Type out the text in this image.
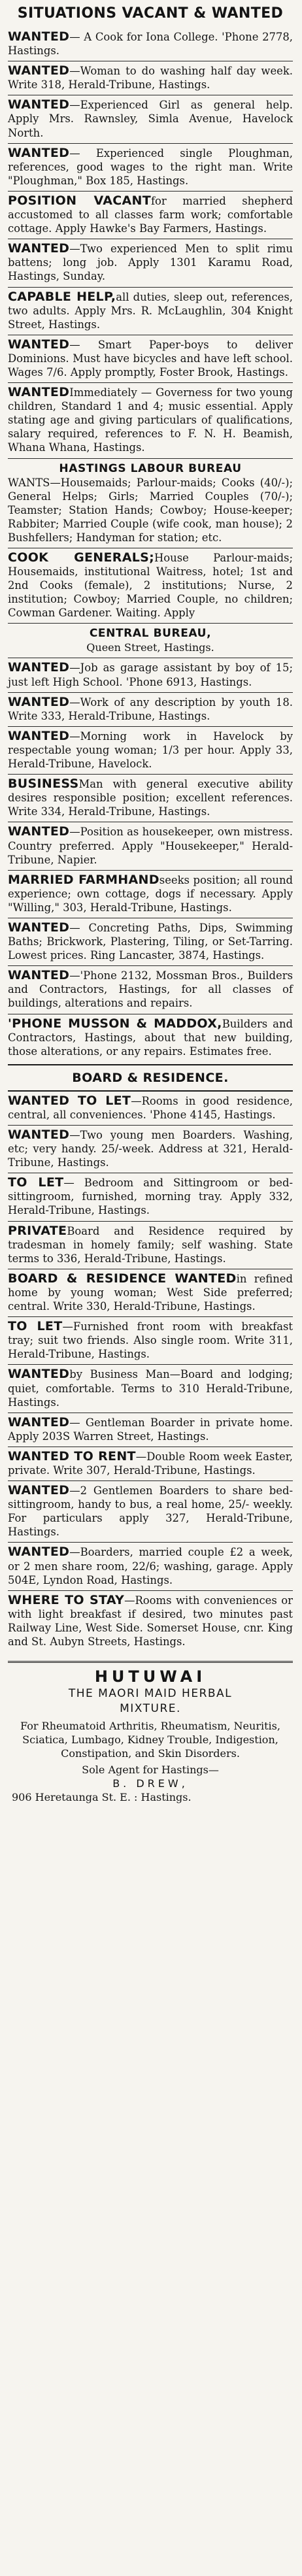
SITUATIONS VACANT & WANTED
WANTED— A Cook for Iona College. 'Phone 2778, Hastings.
WANTED—Woman to do washing half day week. Write 318, Herald-Tribune, Hastings.
WANTED—Experienced Girl as general help. Apply Mrs. Rawnsley, Simla Avenue, Havelock North.
WANTED— Experienced single Ploughman, references, good wages to the right man. Write "Ploughman," Box 185, Hastings.
POSITION VACANTfor married shepherd accustomed to all classes farm work; comfortable cottage. Apply Hawke's Bay Farmers, Hastings.
WANTED—Two experienced Men to split rimu battens; long job. Apply 1301 Karamu Road, Hastings, Sunday.
CAPABLE HELP,all duties, sleep out, references, two adults. Apply Mrs. R. McLaughlin, 304 Knight Street, Hastings.
WANTED— Smart Paper-boys to deliver Dominions. Must have bicycles and have left school. Wages 7/6. Apply promptly, Foster Brook, Hastings.
WANTEDImmediately — Governess for two young children, Standard 1 and 4; music essential. Apply stating age and giving particulars of qualifications, salary required, references to F. N. H. Beamish, Whana Whana, Hastings.
HASTINGS LABOUR BUREAU
WANTS—Housemaids; Parlour-maids; Cooks (40/-); General Helps; Girls; Married Couples (70/-); Teamster; Station Hands; Cowboy; House-keeper; Rabbiter; Married Couple (wife cook, man house); 2 Bushfellers; Handyman for station; etc.
COOK GENERALS;House Parlour-maids; Housemaids, institutional Waitress, hotel; 1st and 2nd Cooks (female), 2 institutions; Nurse, 2 institution; Cowboy; Married Couple, no children; Cowman Gardener. Waiting. Apply
CENTRAL BUREAU,
Queen Street, Hastings.
WANTED—Job as garage assistant by boy of 15; just left High School. 'Phone 6913, Hastings.
WANTED—Work of any description by youth 18. Write 333, Herald-Tribune, Hastings.
WANTED—Morning work in Havelock by respectable young woman; 1/3 per hour. Apply 33, Herald-Tribune, Havelock.
BUSINESSMan with general executive ability desires responsible position; excellent references. Write 334, Herald-Tribune, Hastings.
WANTED—Position as housekeeper, own mistress. Country preferred. Apply "Housekeeper," Herald-Tribune, Napier.
MARRIED FARMHANDseeks position; all round experience; own cottage, dogs if necessary. Apply "Willing," 303, Herald-Tribune, Hastings.
WANTED— Concreting Paths, Dips, Swimming Baths; Brickwork, Plastering, Tiling, or Set-Tarring. Lowest prices. Ring Lancaster, 3874, Hastings.
WANTED—'Phone 2132, Mossman Bros., Builders and Contractors, Hastings, for all classes of buildings, alterations and repairs.
'PHONE MUSSON & MADDOX,Builders and Contractors, Hastings, about that new building, those alterations, or any repairs. Estimates free.
BOARD & RESIDENCE.
WANTED TO LET—Rooms in good residence, central, all conveniences. 'Phone 4145, Hastings.
WANTED—Two young men Boarders. Washing, etc; very handy. 25/-week. Address at 321, Herald-Tribune, Hastings.
TO LET— Bedroom and Sittingroom or bed-sittingroom, furnished, morning tray. Apply 332, Herald-Tribune, Hastings.
PRIVATEBoard and Residence required by tradesman in homely family; self washing. State terms to 336, Herald-Tribune, Hastings.
BOARD & RESIDENCE WANTEDin refined home by young woman; West Side preferred; central. Write 330, Herald-Tribune, Hastings.
TO LET—Furnished front room with breakfast tray; suit two friends. Also single room. Write 311, Herald-Tribune, Hastings.
WANTEDby Business Man—Board and lodging; quiet, comfortable. Terms to 310 Herald-Tribune, Hastings.
WANTED— Gentleman Boarder in private home. Apply 203S Warren Street, Hastings.
WANTED TO RENT—Double Room week Easter, private. Write 307, Herald-Tribune, Hastings.
WANTED—2 Gentlemen Boarders to share bed-sittingroom, handy to bus, a real home, 25/- weekly. For particulars apply 327, Herald-Tribune, Hastings.
WANTED—Boarders, married couple £2 a week, or 2 men share room, 22/6; washing, garage. Apply 504E, Lyndon Road, Hastings.
WHERE TO STAY—Rooms with conveniences or with light breakfast if desired, two minutes past Railway Line, West Side. Somerset House, cnr. King and St. Aubyn Streets, Hastings.
HUTUWAI
THE MAORI MAID HERBAL
MIXTURE.
For Rheumatoid Arthritis, Rheumatism, Neuritis, Sciatica, Lumbago, Kidney Trouble, Indigestion, Constipation, and Skin Disorders.
Sole Agent for Hastings—
B. DREW,
906 Heretaunga St. E. : Hastings.
